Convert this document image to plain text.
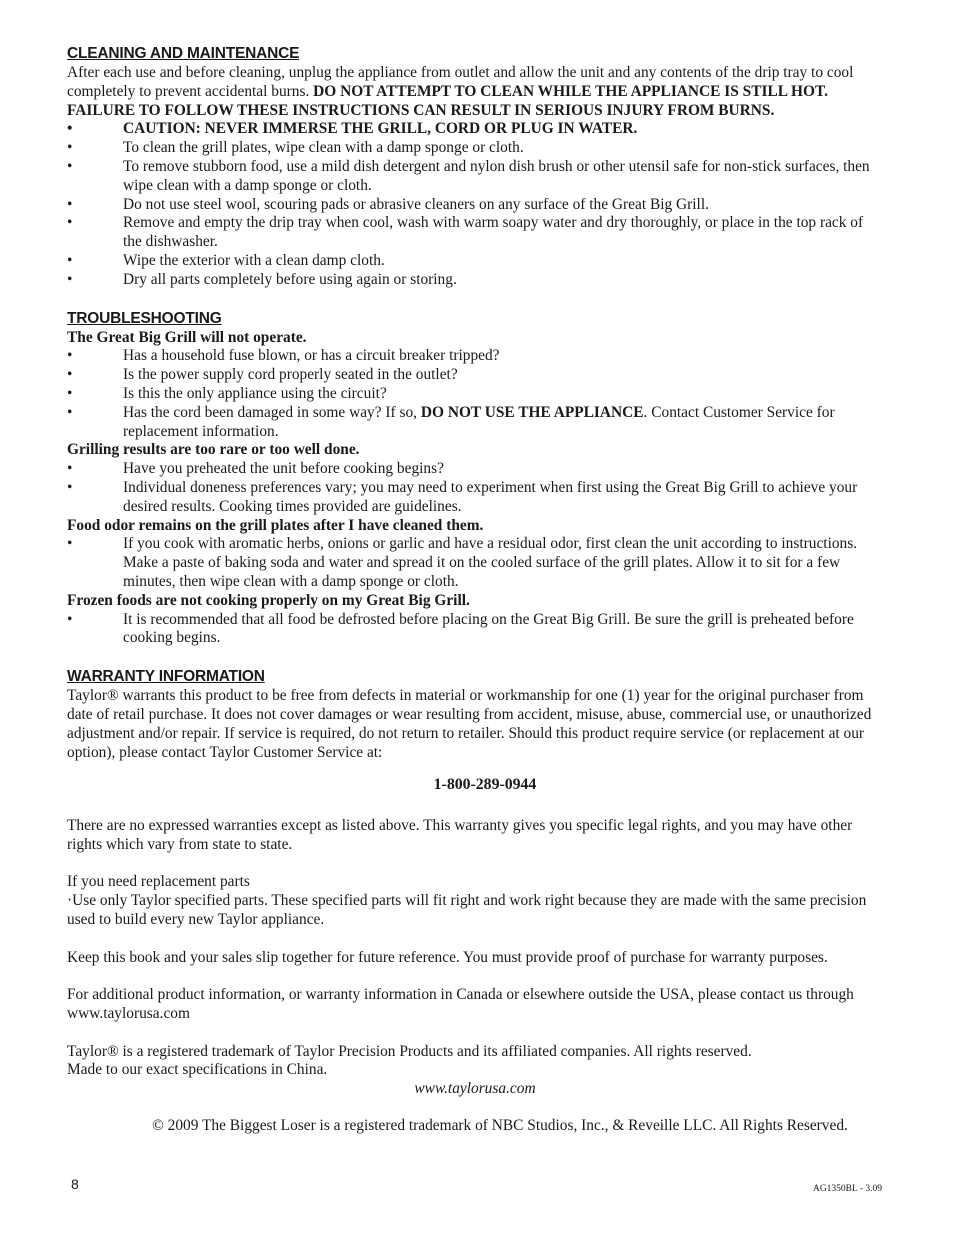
CLEANING AND MAINTENANCE

After each use and before cleaning, unplug the appliance from outlet and allow the unit and any contents of the drip tray to cool completely to prevent accidental burns. DO NOT ATTEMPT TO CLEAN WHILE THE APPLIANCE IS STILL HOT. FAILURE TO FOLLOW THESE INSTRUCTIONS CAN RESULT IN SERIOUS INJURY FROM BURNS.

• CAUTION: NEVER IMMERSE THE GRILL, CORD OR PLUG IN WATER.
• To clean the grill plates, wipe clean with a damp sponge or cloth.
• To remove stubborn food, use a mild dish detergent and nylon dish brush or other utensil safe for non-stick surfaces, then wipe clean with a damp sponge or cloth.
• Do not use steel wool, scouring pads or abrasive cleaners on any surface of the Great Big Grill.
• Remove and empty the drip tray when cool, wash with warm soapy water and dry thoroughly, or place in the top rack of the dishwasher.
• Wipe the exterior with a clean damp cloth.
• Dry all parts completely before using again or storing.
TROUBLESHOOTING

The Great Big Grill will not operate.

• Has a household fuse blown, or has a circuit breaker tripped?
• Is the power supply cord properly seated in the outlet?
• Is this the only appliance using the circuit?
• Has the cord been damaged in some way? If so, DO NOT USE THE APPLIANCE. Contact Customer Service for replacement information.

Grilling results are too rare or too well done.

• Have you preheated the unit before cooking begins?
• Individual doneness preferences vary; you may need to experiment when first using the Great Big Grill to achieve your desired results. Cooking times provided are guidelines.

Food odor remains on the grill plates after I have cleaned them.

• If you cook with aromatic herbs, onions or garlic and have a residual odor, first clean the unit according to instructions. Make a paste of baking soda and water and spread it on the cooled surface of the grill plates. Allow it to sit for a few minutes, then wipe clean with a damp sponge or cloth.

Frozen foods are not cooking properly on my Great Big Grill.

• It is recommended that all food be defrosted before placing on the Great Big Grill. Be sure the grill is preheated before cooking begins.
WARRANTY INFORMATION

Taylor® warrants this product to be free from defects in material or workmanship for one (1) year for the original purchaser from date of retail purchase. It does not cover damages or wear resulting from accident, misuse, abuse, commercial use, or unauthorized adjustment and/or repair. If service is required, do not return to retailer. Should this product require service (or replacement at our option), please contact Taylor Customer Service at:

1-800-289-0944

There are no expressed warranties except as listed above. This warranty gives you specific legal rights, and you may have other rights which vary from state to state.

If you need replacement parts

·Use only Taylor specified parts. These specified parts will fit right and work right because they are made with the same precision used to build every new Taylor appliance.

Keep this book and your sales slip together for future reference. You must provide proof of purchase for warranty purposes.

For additional product information, or warranty information in Canada or elsewhere outside the USA, please contact us through www.taylorusa.com

Taylor® is a registered trademark of Taylor Precision Products and its affiliated companies. All rights reserved.

Made to our exact specifications in China.

www.taylorusa.com

© 2009 The Biggest Loser is a registered trademark of NBC Studios, Inc., & Reveille LLC. All Rights Reserved.

8	AG1350BL - 3.09
